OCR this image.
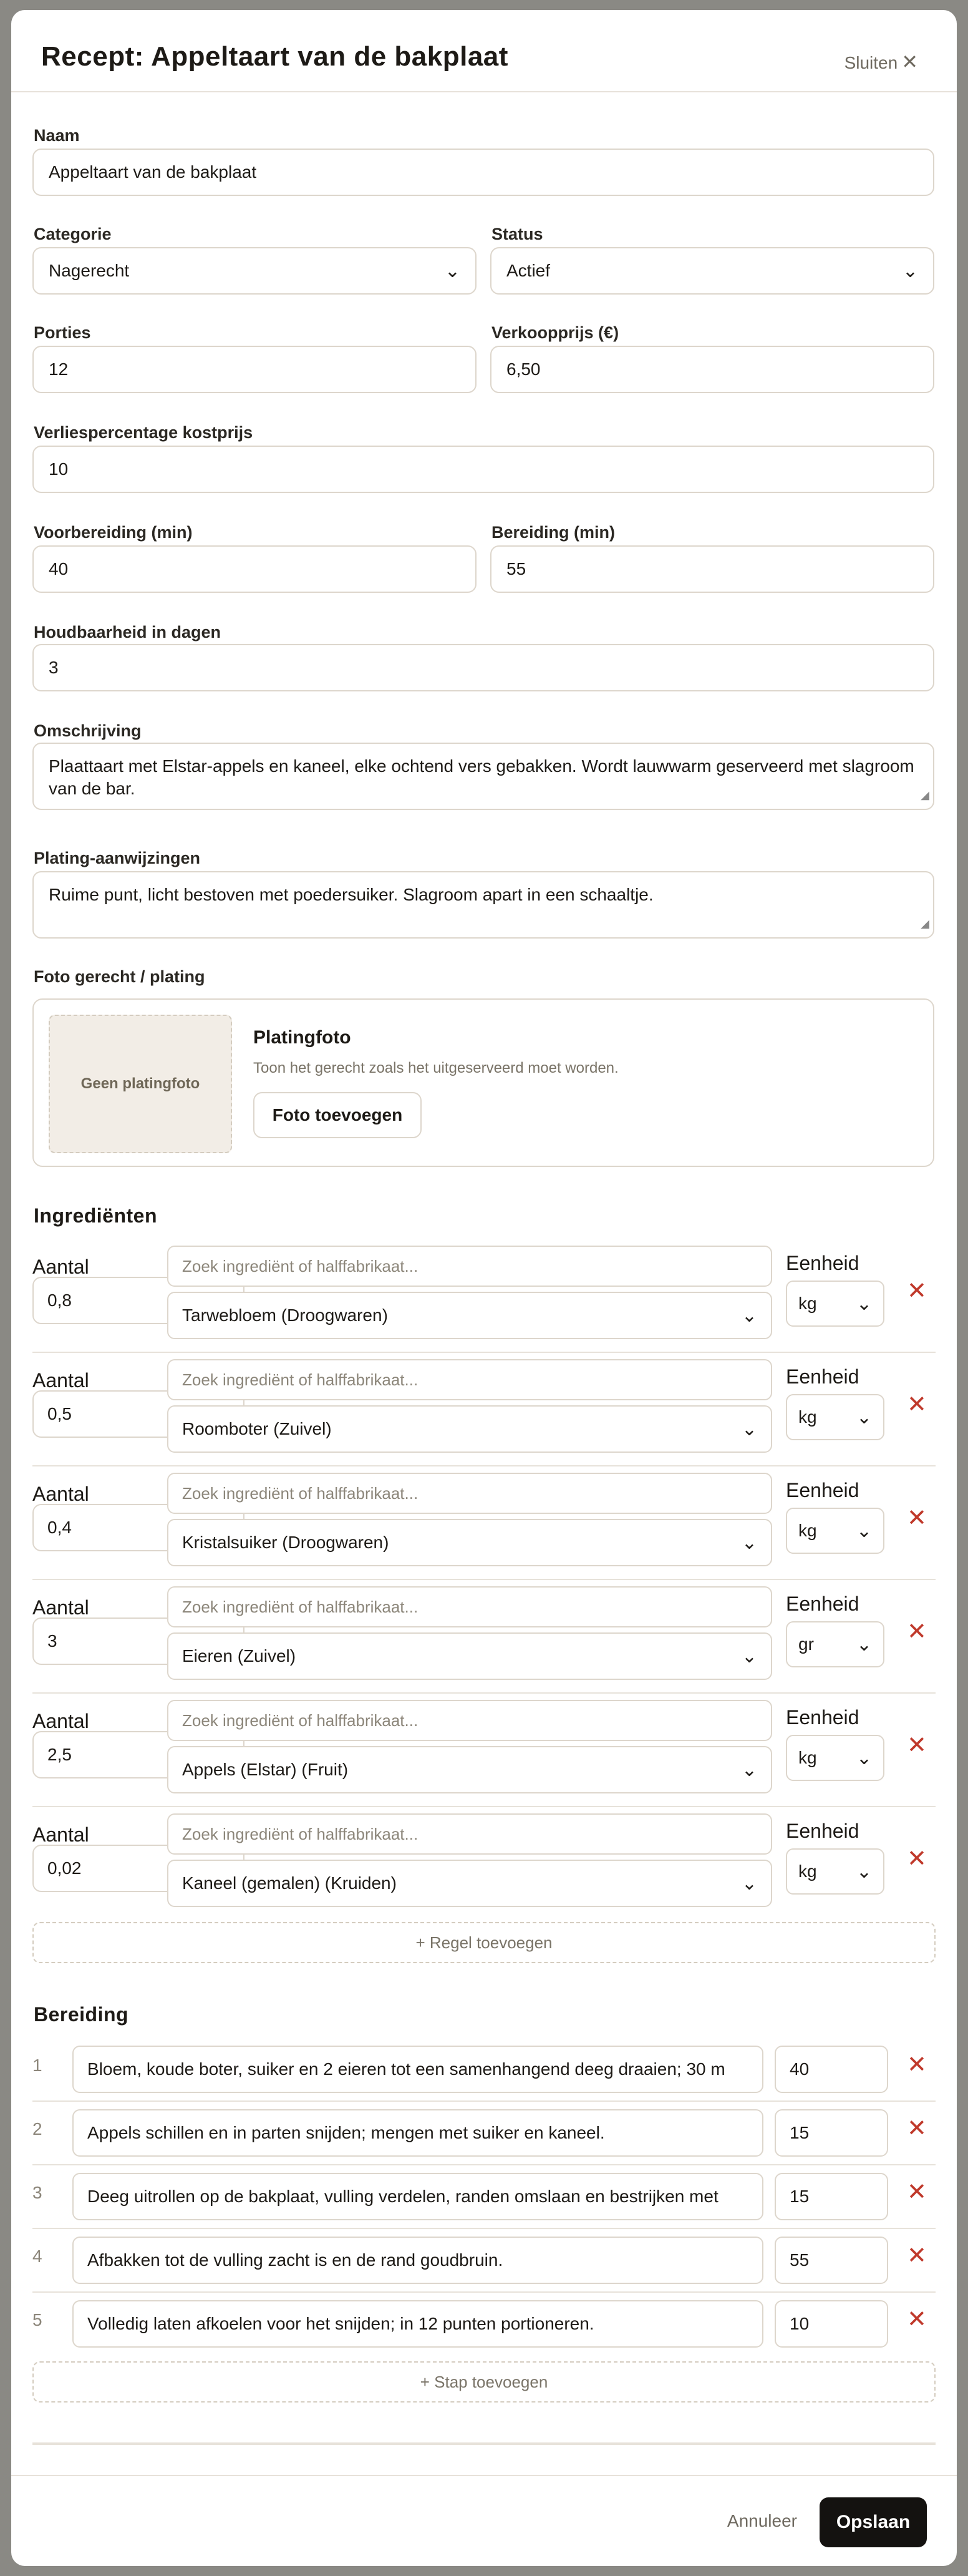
Recept: Appeltaart van de bakplaat	Sluiten ✕
Naam
Appeltaart van de bakplaat
Categorie
Nagerecht	⌄
Status
Actief	⌄
Porties
12
Verkoopprijs (€)
6,50
Verliespercentage kostprijs
10
Voorbereiding (min)
40
Bereiding (min)
55
Houdbaarheid in dagen
3
Omschrijving
Plaattaart met Elstar-appels en kaneel, elke ochtend vers gebakken. Wordt lauwwarm geserveerd met slagroom van de bar.	◢
Plating-aanwijzingen
Ruime punt, licht bestoven met poedersuiker. Slagroom apart in een schaaltje.
◢
Foto gerecht / plating
Geen platingfoto
Platingfoto
Toon het gerecht zoals het uitgeserveerd moet worden.
Foto toevoegen
Ingrediënten
Aantal
0,8
Zoek ingrediënt of halffabrikaat...
Tarwebloem (Droogwaren)	⌄
Eenheid
kg ⌄ ✕
Aantal
0,5
Zoek ingrediënt of halffabrikaat...
Roomboter (Zuivel)	⌄
Eenheid
kg ⌄ ✕
Aantal
0,4
Zoek ingrediënt of halffabrikaat...
Kristalsuiker (Droogwaren)	⌄
Eenheid
kg ⌄ ✕
Aantal
3
Zoek ingrediënt of halffabrikaat...
Eieren (Zuivel)	⌄
Eenheid
gr ⌄ ✕
Aantal
2,5
Zoek ingrediënt of halffabrikaat...
Appels (Elstar) (Fruit)	⌄
Eenheid
kg ⌄ ✕
Aantal
0,02
Zoek ingrediënt of halffabrikaat...
Kaneel (gemalen) (Kruiden)	⌄
Eenheid
kg ⌄ ✕
+ Regel toevoegen
Bereiding
1	Bloem, koude boter, suiker en 2 eieren tot een samenhangend deeg draaien; 30 m	40	✕
2	Appels schillen en in parten snijden; mengen met suiker en kaneel.	15	✕
3	Deeg uitrollen op de bakplaat, vulling verdelen, randen omslaan en bestrijken met	15	✕
4	Afbakken tot de vulling zacht is en de rand goudbruin.	55	✕
5	Volledig laten afkoelen voor het snijden; in 12 punten portioneren.	10	✕
+ Stap toevoegen
Annuleer	Opslaan
